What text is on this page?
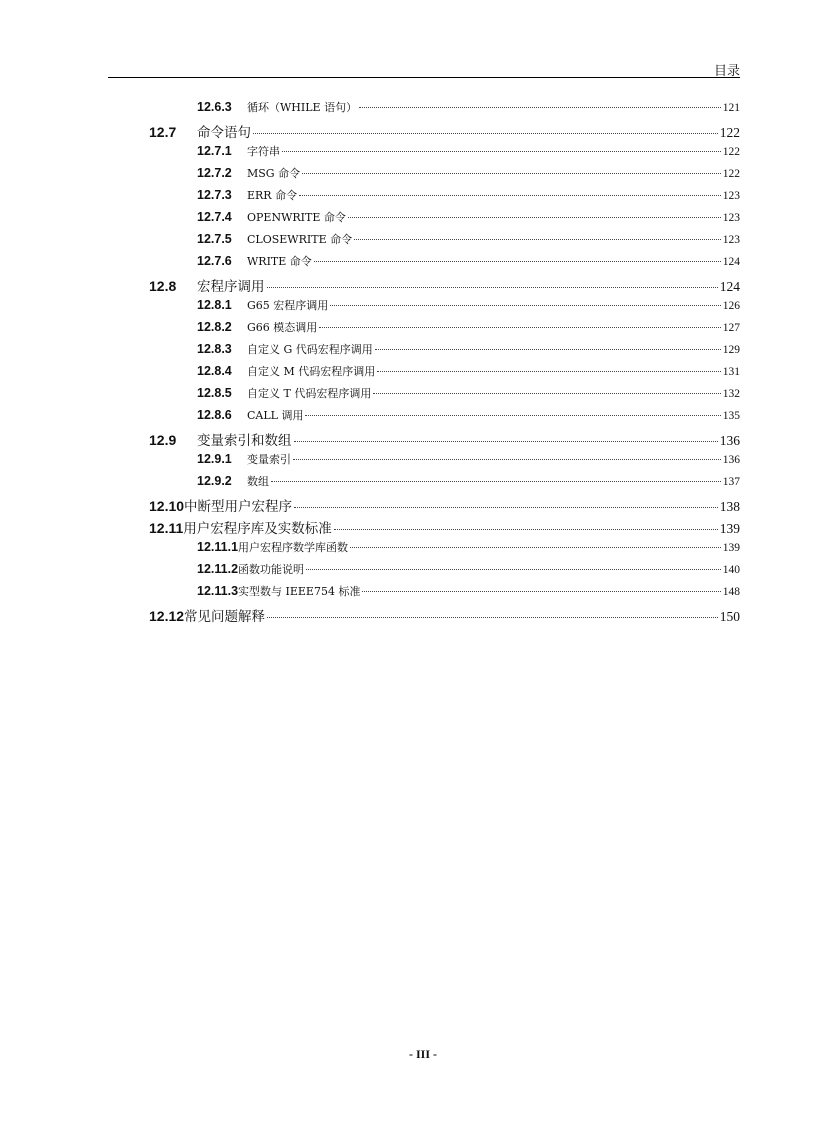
目录
12.6.3	循环（WHILE 语句）	121
12.7	命令语句	122
12.7.1	字符串	122
12.7.2	MSG 命令	122
12.7.3	ERR 命令	123
12.7.4	OPENWRITE 命令	123
12.7.5	CLOSEWRITE 命令	123
12.7.6	WRITE 命令	124
12.8	宏程序调用	124
12.8.1	G65 宏程序调用	126
12.8.2	G66 模态调用	127
12.8.3	自定义 G 代码宏程序调用	129
12.8.4	自定义 M 代码宏程序调用	131
12.8.5	自定义 T 代码宏程序调用	132
12.8.6	CALL 调用	135
12.9	变量索引和数组	136
12.9.1	变量索引	136
12.9.2	数组	137
12.10 中断型用户宏程序	138
12.11 用户宏程序库及实数标准	139
12.11.1 用户宏程序数学库函数	139
12.11.2 函数功能说明	140
12.11.3 实型数与 IEEE754 标准	148
12.12 常见问题解释	150
- III -
